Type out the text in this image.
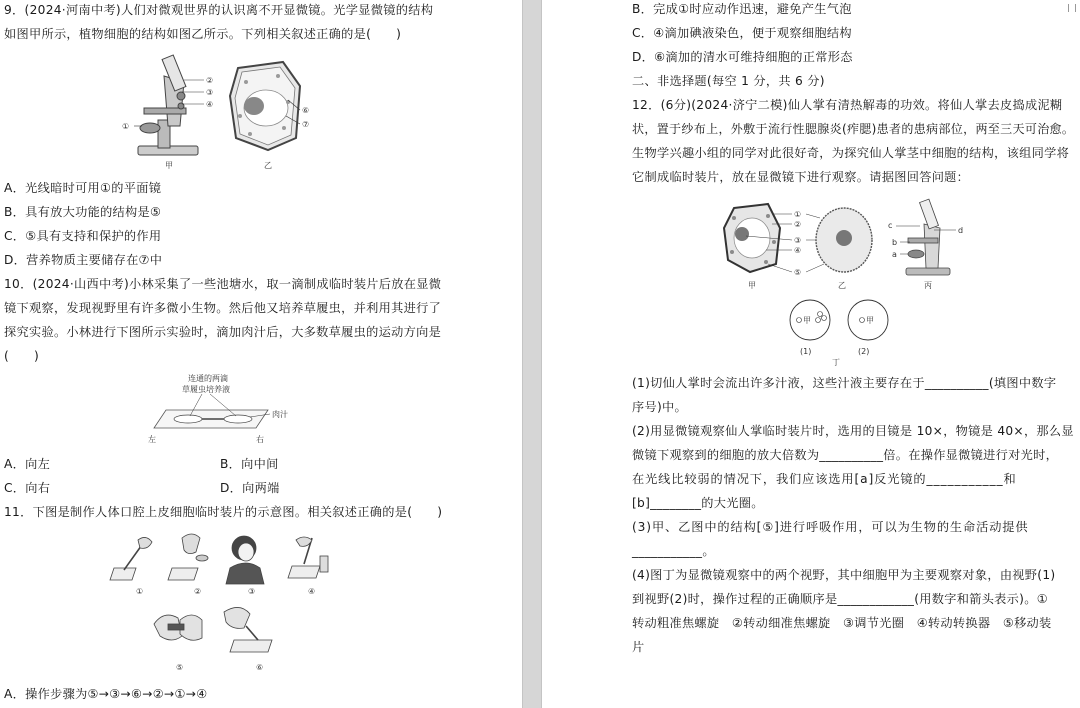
9．(2024·河南中考)人们对微观世界的认识离不开显微镜。光学显微镜的结构
如图甲所示，植物细胞的结构如图乙所示。下列相关叙述正确的是(　　)
②
③
④
①
甲
⑥
⑦
乙
A．光线暗时可用①的平面镜
B．具有放大功能的结构是⑤
C．⑤具有支持和保护的作用
D．营养物质主要储存在⑦中
10．(2024·山西中考)小林采集了一些池塘水，取一滴制成临时装片后放在显微
镜下观察，发现视野里有许多微小生物。然后他又培养草履虫，并利用其进行了
探究实验。小林进行下图所示实验时，滴加肉汁后，大多数草履虫的运动方向是
(　　)
连通的两滴
草履虫培养液
肉汁
左	右
A．向左	B．向中间
C．向右	D．向两端
11．下图是制作人体口腔上皮细胞临时装片的示意图。相关叙述正确的是(　　)
①	②	③	④
⑤	⑥
A．操作步骤为⑤→③→⑥→②→①→④
B．完成①时应动作迅速，避免产生气泡
C．④滴加碘液染色，便于观察细胞结构
D．⑥滴加的清水可维持细胞的正常形态
二、非选择题(每空 1 分，共 6 分)
12．(6分)(2024·济宁二模)仙人掌有清热解毒的功效。将仙人掌去皮捣成泥糊
状，置于纱布上，外敷于流行性腮腺炎(痄腮)患者的患病部位，两至三天可治愈。
生物学兴趣小组的同学对此很好奇，为探究仙人掌茎中细胞的结构，该组同学将
它制成临时装片，放在显微镜下进行观察。请据图回答问题：
①
②
③
④
⑤
甲	乙
c
d
b
a
丙
甲	甲
(1)	(2)
丁
(1)切仙人掌时会流出许多汁液，这些汁液主要存在于__________(填图中数字
序号)中。
(2)用显微镜观察仙人掌临时装片时，选用的目镜是 10×，物镜是 40×，那么显
微镜下观察到的细胞的放大倍数为__________倍。在操作显微镜进行对光时，
在光线比较弱的情况下，我们应该选用[a]反光镜的___________和
[b]________的大光圈。
(3)甲、乙图中的结构[⑤]进行呼吸作用，可以为生物的生命活动提供
___________。
(4)图丁为显微镜观察中的两个视野，其中细胞甲为主要观察对象，由视野(1)
到视野(2)时，操作过程的正确顺序是____________(用数字和箭头表示)。①
转动粗准焦螺旋　②转动细准焦螺旋　③调节光圈　④转动转换器　⑤移动装
片
